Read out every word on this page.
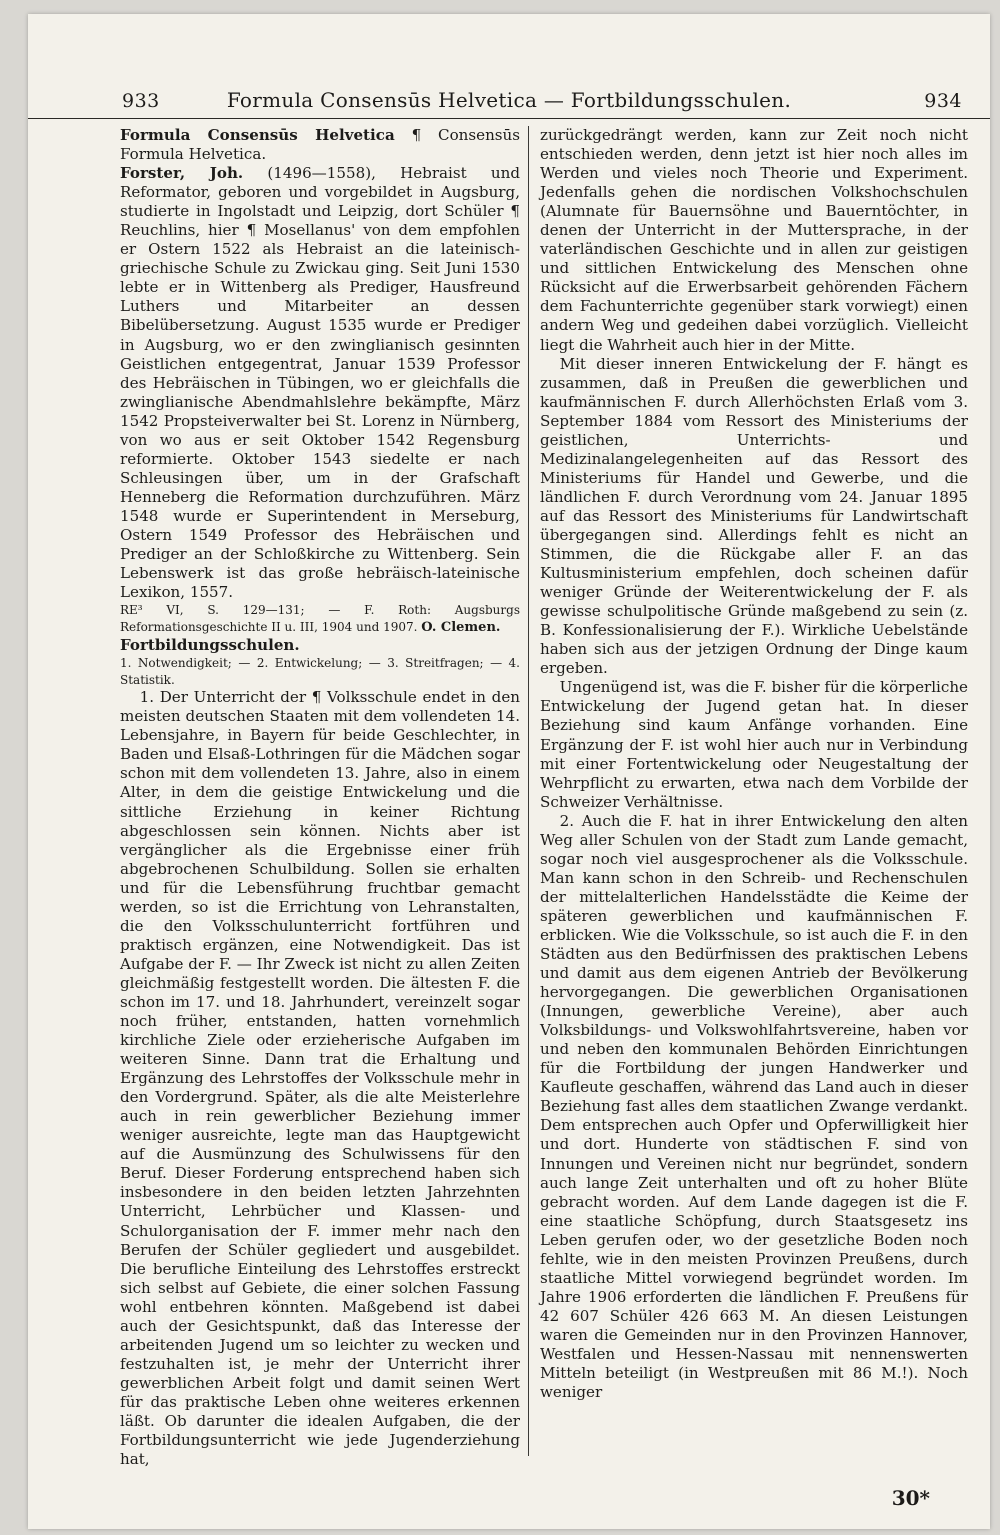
933	Formula Consensūs Helvetica — Fortbildungsschulen.	934

Formula Consensūs Helvetica ¶ Consensūs Formula Helvetica.

Forster, Joh. (1496—1558), Hebraist und Reformator, geboren und vorgebildet in Augsburg, studierte in Ingolstadt und Leipzig, dort Schüler ¶ Reuchlins, hier ¶ Mosellanus' von dem empfohlen er Ostern 1522 als Hebraist an die lateinisch-griechische Schule zu Zwickau ging. Seit Juni 1530 lebte er in Wittenberg als Prediger, Hausfreund Luthers und Mitarbeiter an dessen Bibelübersetzung. August 1535 wurde er Prediger in Augsburg, wo er den zwinglianisch gesinnten Geistlichen entgegentrat, Januar 1539 Professor des Hebräischen in Tübingen, wo er gleichfalls die zwinglianische Abendmahlslehre bekämpfte, März 1542 Propsteiverwalter bei St. Lorenz in Nürnberg, von wo aus er seit Oktober 1542 Regensburg reformierte. Oktober 1543 siedelte er nach Schleusingen über, um in der Grafschaft Henneberg die Reformation durchzuführen. März 1548 wurde er Superintendent in Merseburg, Ostern 1549 Professor des Hebräischen und Prediger an der Schloßkirche zu Wittenberg. Sein Lebenswerk ist das große hebräisch-lateinische Lexikon, 1557.

RE³ VI, S. 129—131; — F. Roth: Augsburgs Reformationsgeschichte II u. III, 1904 und 1907. O. Clemen.

Fortbildungsschulen.

1. Notwendigkeit; — 2. Entwickelung; — 3. Streitfragen; — 4. Statistik.

1. Der Unterricht der ¶ Volksschule endet in den meisten deutschen Staaten mit dem vollendeten 14. Lebensjahre, in Bayern für beide Geschlechter, in Baden und Elsaß-Lothringen für die Mädchen sogar schon mit dem vollendeten 13. Jahre, also in einem Alter, in dem die geistige Entwickelung und die sittliche Erziehung in keiner Richtung abgeschlossen sein können. Nichts aber ist vergänglicher als die Ergebnisse einer früh abgebrochenen Schulbildung. Sollen sie erhalten und für die Lebensführung fruchtbar gemacht werden, so ist die Errichtung von Lehranstalten, die den Volksschulunterricht fortführen und praktisch ergänzen, eine Notwendigkeit. Das ist Aufgabe der F. — Ihr Zweck ist nicht zu allen Zeiten gleichmäßig festgestellt worden. Die ältesten F. die schon im 17. und 18. Jahrhundert, vereinzelt sogar noch früher, entstanden, hatten vornehmlich kirchliche Ziele oder erzieherische Aufgaben im weiteren Sinne. Dann trat die Erhaltung und Ergänzung des Lehrstoffes der Volksschule mehr in den Vordergrund. Später, als die alte Meisterlehre auch in rein gewerblicher Beziehung immer weniger ausreichte, legte man das Hauptgewicht auf die Ausmünzung des Schulwissens für den Beruf. Dieser Forderung entsprechend haben sich insbesondere in den beiden letzten Jahrzehnten Unterricht, Lehrbücher und Klassen- und Schulorganisation der F. immer mehr nach den Berufen der Schüler gegliedert und ausgebildet. Die berufliche Einteilung des Lehrstoffes erstreckt sich selbst auf Gebiete, die einer solchen Fassung wohl entbehren könnten. Maßgebend ist dabei auch der Gesichtspunkt, daß das Interesse der arbeitenden Jugend um so leichter zu wecken und festzuhalten ist, je mehr der Unterricht ihrer gewerblichen Arbeit folgt und damit seinen Wert für das praktische Leben ohne weiteres erkennen läßt. Ob darunter die idealen Aufgaben, die der Fortbildungsunterricht wie jede Jugenderziehung hat,

zurückgedrängt werden, kann zur Zeit noch nicht entschieden werden, denn jetzt ist hier noch alles im Werden und vieles noch Theorie und Experiment. Jedenfalls gehen die nordischen Volkshochschulen (Alumnate für Bauernsöhne und Bauerntöchter, in denen der Unterricht in der Muttersprache, in der vaterländischen Geschichte und in allen zur geistigen und sittlichen Entwickelung des Menschen ohne Rücksicht auf die Erwerbsarbeit gehörenden Fächern dem Fachunterrichte gegenüber stark vorwiegt) einen andern Weg und gedeihen dabei vorzüglich. Vielleicht liegt die Wahrheit auch hier in der Mitte.

Mit dieser inneren Entwickelung der F. hängt es zusammen, daß in Preußen die gewerblichen und kaufmännischen F. durch Allerhöchsten Erlaß vom 3. September 1884 vom Ressort des Ministeriums der geistlichen, Unterrichts- und Medizinalangelegenheiten auf das Ressort des Ministeriums für Handel und Gewerbe, und die ländlichen F. durch Verordnung vom 24. Januar 1895 auf das Ressort des Ministeriums für Landwirtschaft übergegangen sind. Allerdings fehlt es nicht an Stimmen, die die Rückgabe aller F. an das Kultusministerium empfehlen, doch scheinen dafür weniger Gründe der Weiterentwickelung der F. als gewisse schulpolitische Gründe maßgebend zu sein (z. B. Konfessionalisierung der F.). Wirkliche Uebelstände haben sich aus der jetzigen Ordnung der Dinge kaum ergeben.

Ungenügend ist, was die F. bisher für die körperliche Entwickelung der Jugend getan hat. In dieser Beziehung sind kaum Anfänge vorhanden. Eine Ergänzung der F. ist wohl hier auch nur in Verbindung mit einer Fortentwickelung oder Neugestaltung der Wehrpflicht zu erwarten, etwa nach dem Vorbilde der Schweizer Verhältnisse.

2. Auch die F. hat in ihrer Entwickelung den alten Weg aller Schulen von der Stadt zum Lande gemacht, sogar noch viel ausgesprochener als die Volksschule. Man kann schon in den Schreib- und Rechenschulen der mittelalterlichen Handelsstädte die Keime der späteren gewerblichen und kaufmännischen F. erblicken. Wie die Volksschule, so ist auch die F. in den Städten aus den Bedürfnissen des praktischen Lebens und damit aus dem eigenen Antrieb der Bevölkerung hervorgegangen. Die gewerblichen Organisationen (Innungen, gewerbliche Vereine), aber auch Volksbildungs- und Volkswohlfahrtsvereine, haben vor und neben den kommunalen Behörden Einrichtungen für die Fortbildung der jungen Handwerker und Kaufleute geschaffen, während das Land auch in dieser Beziehung fast alles dem staatlichen Zwange verdankt. Dem entsprechen auch Opfer und Opferwilligkeit hier und dort. Hunderte von städtischen F. sind von Innungen und Vereinen nicht nur begründet, sondern auch lange Zeit unterhalten und oft zu hoher Blüte gebracht worden. Auf dem Lande dagegen ist die F. eine staatliche Schöpfung, durch Staatsgesetz ins Leben gerufen oder, wo der gesetzliche Boden noch fehlte, wie in den meisten Provinzen Preußens, durch staatliche Mittel vorwiegend begründet worden. Im Jahre 1906 erforderten die ländlichen F. Preußens für 42 607 Schüler 426 663 M. An diesen Leistungen waren die Gemeinden nur in den Provinzen Hannover, Westfalen und Hessen-Nassau mit nennenswerten Mitteln beteiligt (in Westpreußen mit 86 M.!). Noch weniger

30*
